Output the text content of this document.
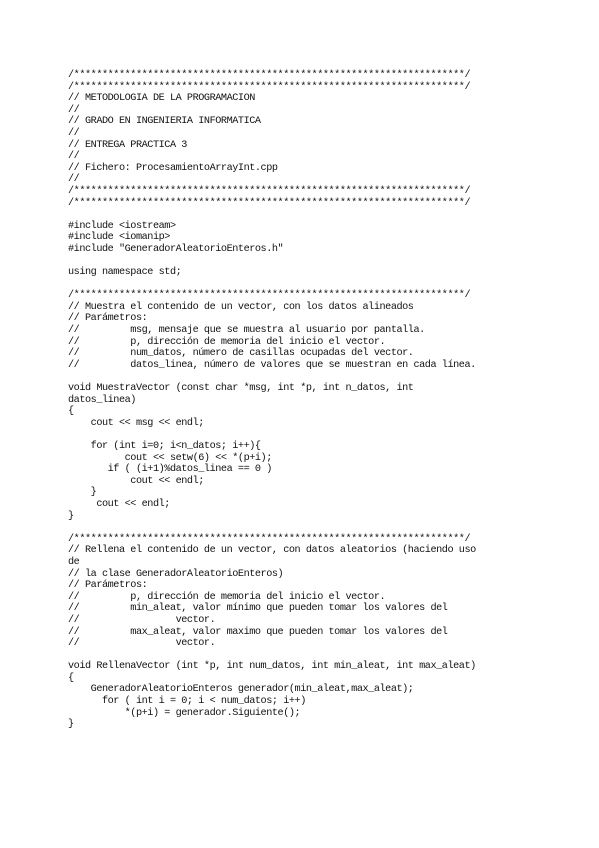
/*********************************************************************/
/*********************************************************************/
// METODOLOGIA DE LA PROGRAMACION
//
// GRADO EN INGENIERIA INFORMATICA
//
// ENTREGA PRACTICA 3
//
// Fichero: ProcesamientoArrayInt.cpp
//
/*********************************************************************/
/*********************************************************************/
#include <iostream>
#include <iomanip>
#include "GeneradorAleatorioEnteros.h"
using namespace std;
/*********************************************************************/
// Muestra el contenido de un vector, con los datos alineados
// Parámetros:
//         msg, mensaje que se muestra al usuario por pantalla.
//         p, dirección de memoria del inicio el vector.
//         num_datos, número de casillas ocupadas del vector.
//         datos_linea, número de valores que se muestran en cada línea.
void MuestraVector (const char *msg, int *p, int n_datos, int
datos_linea)
{
cout << msg << endl;
for (int i=0; i<n_datos; i++){
cout << setw(6) << *(p+i);
if ( (i+1)%datos_linea == 0 )
cout << endl;
}
cout << endl;
}
/*********************************************************************/
// Rellena el contenido de un vector, con datos aleatorios (haciendo uso
de
// la clase GeneradorAleatorioEnteros)
// Parámetros:
//         p, dirección de memoria del inicio el vector.
//         min_aleat, valor mínimo que pueden tomar los valores del
//                 vector.
//         max_aleat, valor maximo que pueden tomar los valores del
//                 vector.
void RellenaVector (int *p, int num_datos, int min_aleat, int max_aleat)
{
GeneradorAleatorioEnteros generador(min_aleat,max_aleat);
for ( int i = 0; i < num_datos; i++)
*(p+i) = generador.Siguiente();
}
